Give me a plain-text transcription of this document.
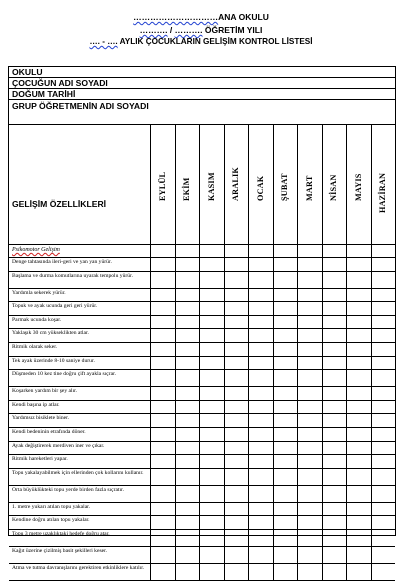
…………………………ANA OKULU
………. / ………. ÖĞRETİM YILI
…. - …. AYLIK ÇOCUKLARIN GELİŞİM KONTROL LİSTESİ
OKULU
ÇOCUĞUN ADI SOYADI
DOĞUM TARİHİ
GRUP ÖĞRETMENİN ADI SOYADI
GELİŞİM ÖZELLİKLERİ
EYLÜL EKİM KASIM ARALIK OCAK ŞUBAT MART NİSAN MAYIS HAZİRAN
Psikomotor Gelişim
Denge tahtasında ileri-geri ve yan yan yürür.
Başlama ve durma komutlarına uyarak tempolu yürür.
Yardımla sekerek yürür.
Topuk ve ayak ucunda geri geri yürür.
Parmak ucunda koşar.
Yaklaşık 30 cm yükseklikten atlar.
Ritmik olarak seker.
Tek ayak üzerinde 8-10 saniye durur.
Düşmeden 10 kez tine doğru çift ayakla sıçrar.
Koşarken yardım bir şey alır.
Kendi başına ip atlar.
Yardımsız bisiklete biner.
Kendi bedeninin etrafında döner.
Ayak değiştirerek merdiven iner ve çıkar.
Ritmik hareketleri yapar.
Topu yakalayabilmek için ellerinden çok kollarını kullanır.
Orta büyüklükteki topu yerde birden fazla sıçratır.
1. metre yukarı atılan topu yakalar.
Kendine doğru atılan topu yakalar.
Topu 3 metre uzaklıktaki hedefe doğru atar.
Kağıt üzerine çizilmiş basit şekilleri keser.
Atma ve tutma davranışlarını gerektiren etkinliklere katılır.
